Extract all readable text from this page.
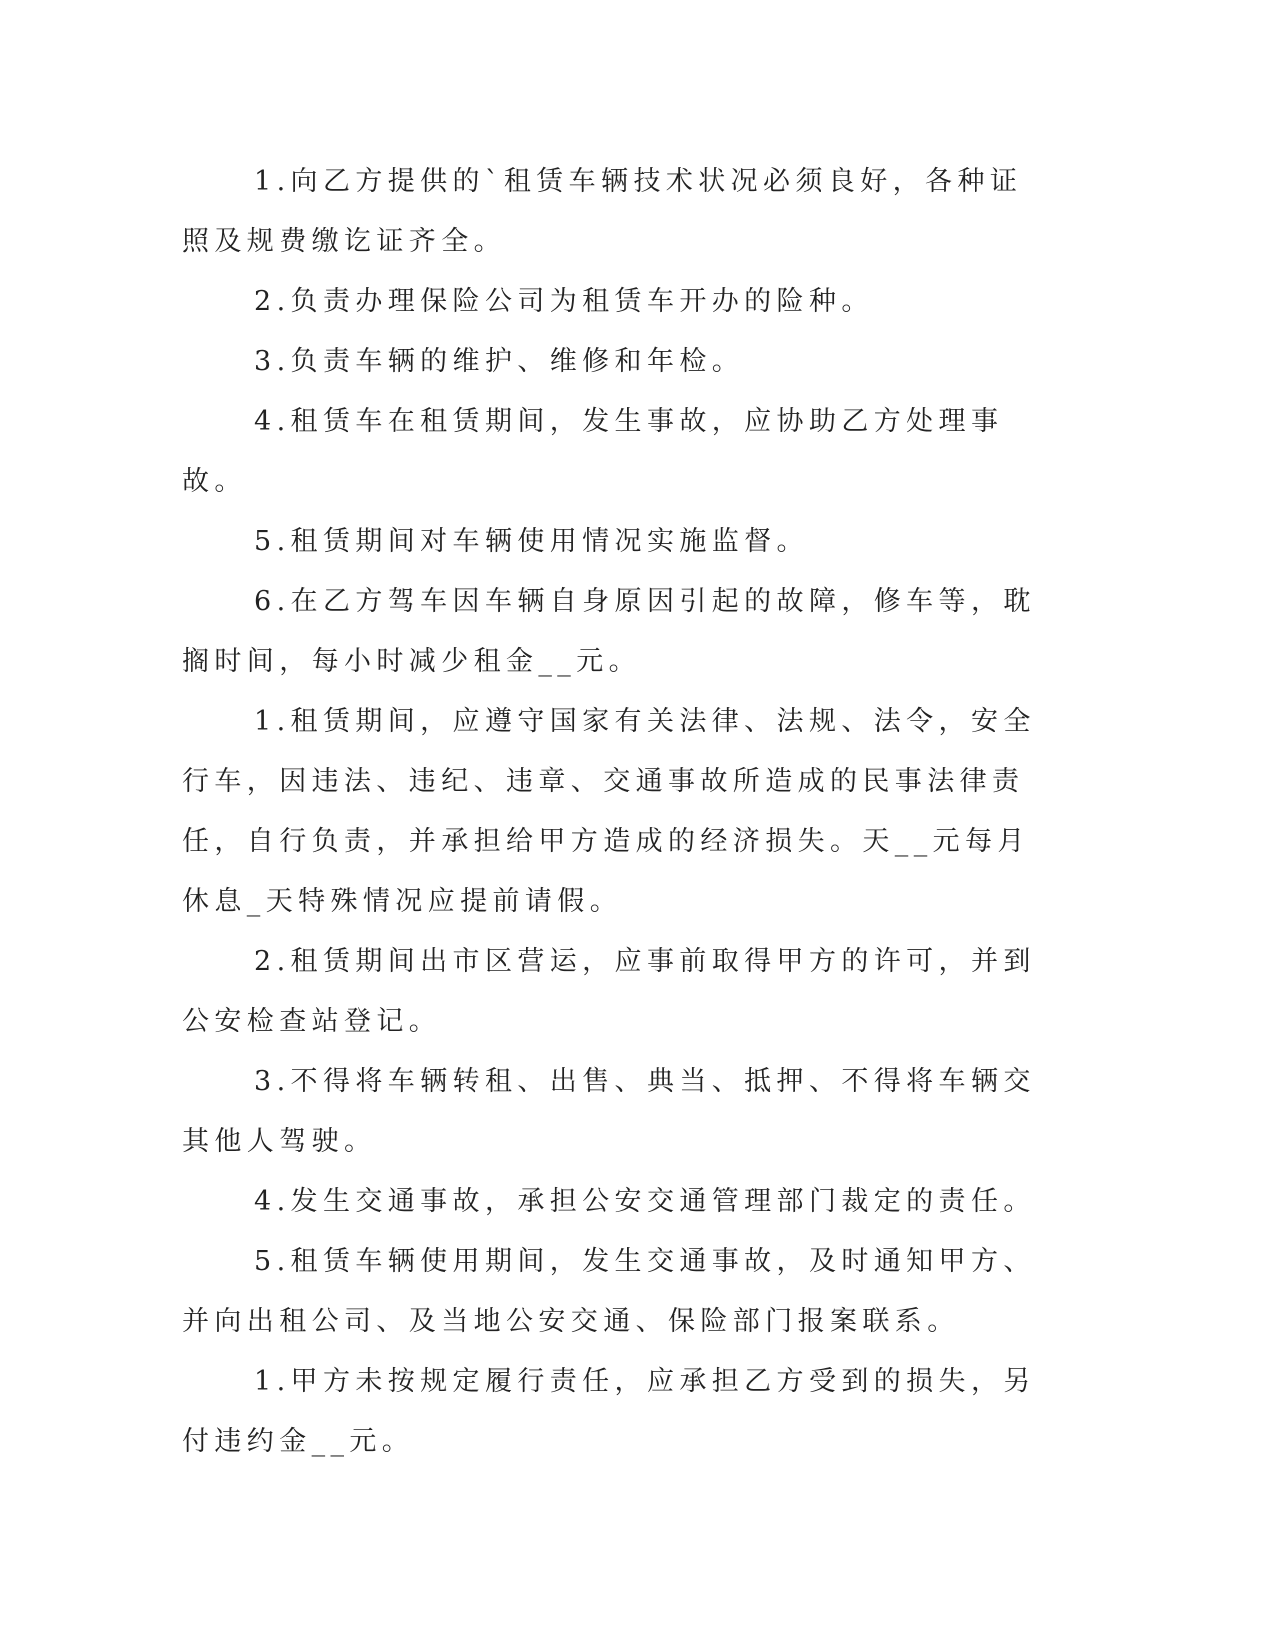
1.向乙方提供的`租赁车辆技术状况必须良好，各种证照及规费缴讫证齐全。

2.负责办理保险公司为租赁车开办的险种。

3.负责车辆的维护、维修和年检。

4.租赁车在租赁期间，发生事故，应协助乙方处理事故。

5.租赁期间对车辆使用情况实施监督。

6.在乙方驾车因车辆自身原因引起的故障，修车等，耽搁时间，每小时减少租金__元。

1.租赁期间，应遵守国家有关法律、法规、法令，安全行车，因违法、违纪、违章、交通事故所造成的民事法律责任，自行负责，并承担给甲方造成的经济损失。天__元每月休息_天特殊情况应提前请假。

2.租赁期间出市区营运，应事前取得甲方的许可，并到公安检查站登记。

3.不得将车辆转租、出售、典当、抵押、不得将车辆交其他人驾驶。

4.发生交通事故，承担公安交通管理部门裁定的责任。

5.租赁车辆使用期间，发生交通事故，及时通知甲方、并向出租公司、及当地公安交通、保险部门报案联系。

1.甲方未按规定履行责任，应承担乙方受到的损失，另付违约金__元。
